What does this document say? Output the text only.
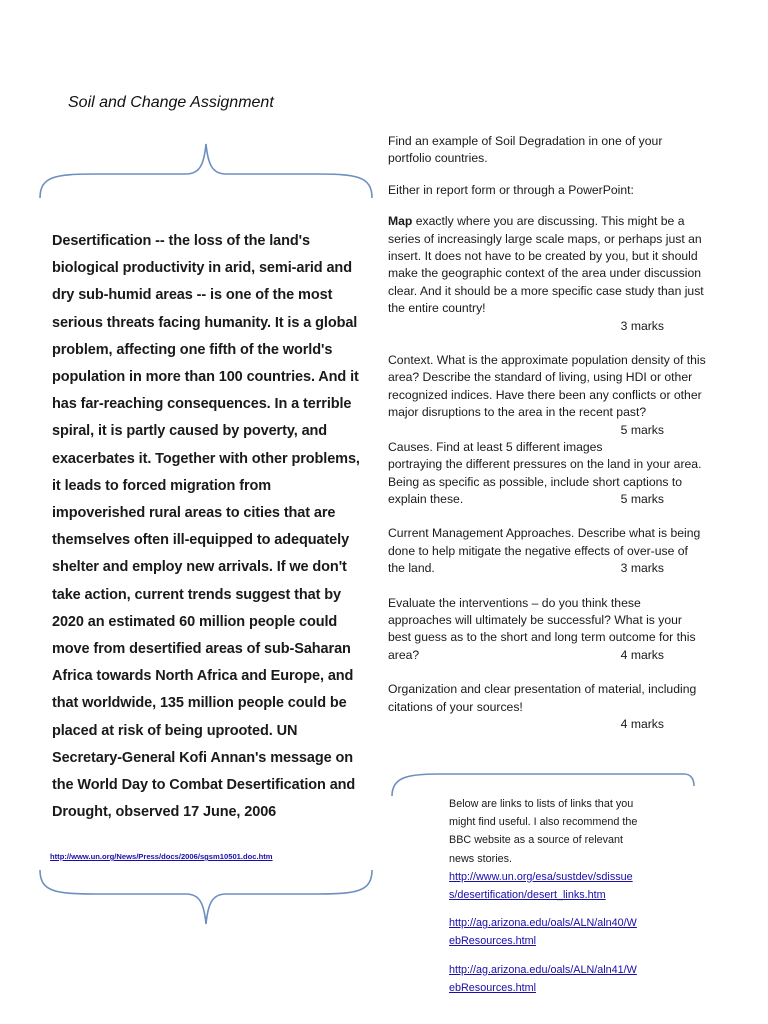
Soil and Change Assignment
Desertification -- the loss of the land's biological productivity in arid, semi-arid and dry sub-humid areas -- is one of the most serious threats facing humanity. It is a global problem, affecting one fifth of the world's population in more than 100 countries. And it has far-reaching consequences. In a terrible spiral, it is partly caused by poverty, and exacerbates it. Together with other problems, it leads to forced migration from impoverished rural areas to cities that are themselves often ill-equipped to adequately shelter and employ new arrivals. If we don't take action, current trends suggest that by 2020 an estimated 60 million people could move from desertified areas of sub-Saharan Africa towards North Africa and Europe, and that worldwide, 135 million people could be placed at risk of being uprooted. UN Secretary-General Kofi Annan's message on the World Day to Combat Desertification and Drought, observed 17 June, 2006
http://www.un.org/News/Press/docs/2006/sgsm10501.doc.htm

Find an example of Soil Degradation in one of your portfolio countries.

Either in report form or through a PowerPoint:

Map exactly where you are discussing. This might be a series of increasingly large scale maps, or perhaps just an insert. It does not have to be created by you, but it should make the geographic context of the area under discussion clear. And it should be a more specific case study than just the entire country!

3 marks

Context. What is the approximate population density of this area? Describe the standard of living, using HDI or other recognized indices. Have there been any conflicts or other major disruptions to the area in the recent past?
5 marks

Causes. Find at least 5 different images portraying the different pressures on the land in your area. Being as specific as possible, include short captions to explain these.	5 marks

Current Management Approaches. Describe what is being done to help mitigate the negative effects of over-use of the land.	3 marks

Evaluate the interventions – do you think these approaches will ultimately be successful? What is your best guess as to the short and long term outcome for this area?	4 marks

Organization and clear presentation of material, including citations of your sources!

4 marks

Below are links to lists of links that you might find useful. I also recommend the BBC website as a source of relevant news stories.

http://www.un.org/esa/sustdev/sdissues/desertification/desert_links.htm
http://ag.arizona.edu/oals/ALN/aln40/WebResources.html
http://ag.arizona.edu/oals/ALN/aln41/WebResources.html
